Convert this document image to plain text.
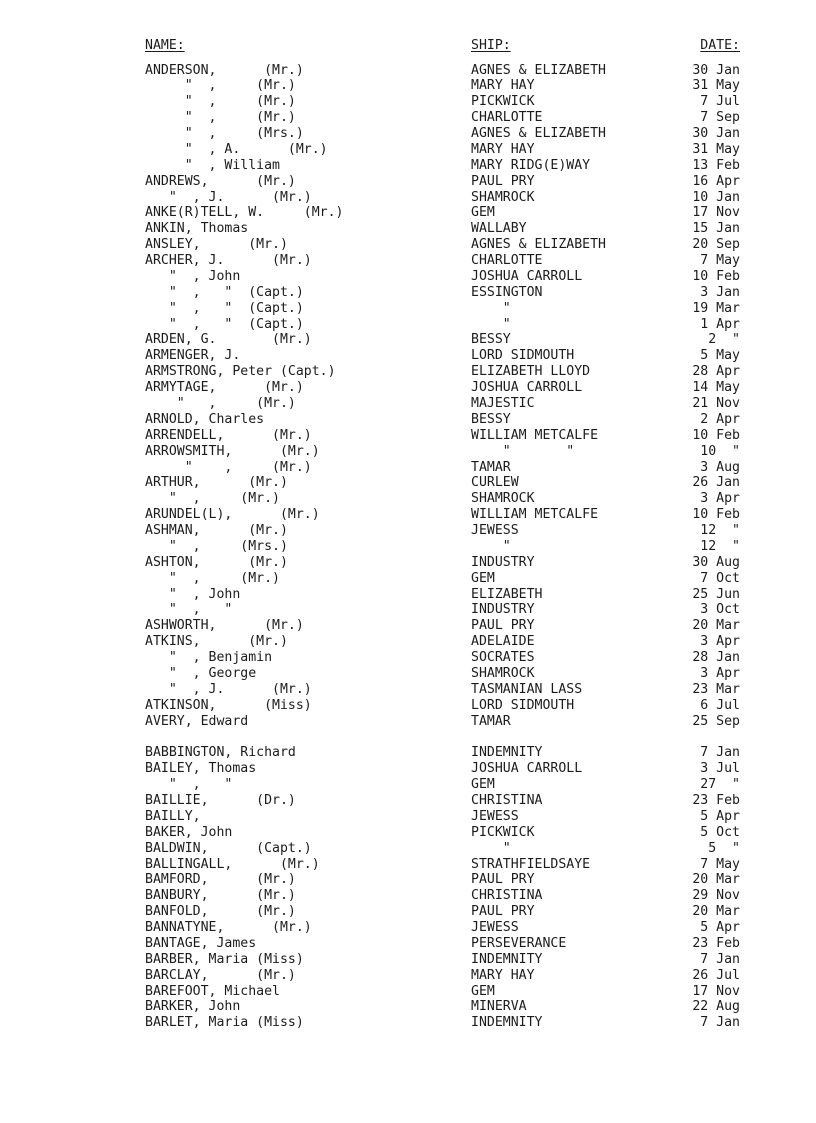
NAME:	SHIP:	DATE:
ANDERSON,      (Mr.)	AGNES & ELIZABETH	30 Jan
"  ,     (Mr.)	MARY HAY	31 May
"  ,     (Mr.)	PICKWICK	7 Jul
"  ,     (Mr.)	CHARLOTTE	7 Sep
"  ,     (Mrs.)	AGNES & ELIZABETH	30 Jan
"  , A.      (Mr.)	MARY HAY	31 May
"  , William	MARY RIDG(E)WAY	13 Feb
ANDREWS,      (Mr.)	PAUL PRY	16 Apr
"  , J.      (Mr.)	SHAMROCK	10 Jan
ANKE(R)TELL, W.     (Mr.)	GEM	17 Nov
ANKIN, Thomas	WALLABY	15 Jan
ANSLEY,      (Mr.)	AGNES & ELIZABETH	20 Sep
ARCHER, J.      (Mr.)	CHARLOTTE	7 May
"  , John	JOSHUA CARROLL	10 Feb
"  ,   "  (Capt.)	ESSINGTON	3 Jan
"  ,   "  (Capt.)	"	19 Mar
"  ,   "  (Capt.)	"	1 Apr
ARDEN, G.       (Mr.)	BESSY	2  "
ARMENGER, J.	LORD SIDMOUTH	5 May
ARMSTRONG, Peter (Capt.)	ELIZABETH LLOYD	28 Apr
ARMYTAGE,      (Mr.)	JOSHUA CARROLL	14 May
"   ,     (Mr.)	MAJESTIC	21 Nov
ARNOLD, Charles	BESSY	2 Apr
ARRENDELL,      (Mr.)	WILLIAM METCALFE	10 Feb
ARROWSMITH,      (Mr.)	"       "	10  "
"    ,     (Mr.)	TAMAR	3 Aug
ARTHUR,      (Mr.)	CURLEW	26 Jan
"  ,     (Mr.)	SHAMROCK	3 Apr
ARUNDEL(L),      (Mr.)	WILLIAM METCALFE	10 Feb
ASHMAN,      (Mr.)	JEWESS	12  "
"  ,     (Mrs.)	"	12  "
ASHTON,      (Mr.)	INDUSTRY	30 Aug
"  ,     (Mr.)	GEM	7 Oct
"  , John	ELIZABETH	25 Jun
"  ,   "	INDUSTRY	3 Oct
ASHWORTH,      (Mr.)	PAUL PRY	20 Mar
ATKINS,      (Mr.)	ADELAIDE	3 Apr
"  , Benjamin	SOCRATES	28 Jan
"  , George	SHAMROCK	3 Apr
"  , J.      (Mr.)	TASMANIAN LASS	23 Mar
ATKINSON,      (Miss)	LORD SIDMOUTH	6 Jul
AVERY, Edward	TAMAR	25 Sep
BABBINGTON, Richard	INDEMNITY	7 Jan
BAILEY, Thomas	JOSHUA CARROLL	3 Jul
"  ,   "	GEM	27  "
BAILLIE,      (Dr.)	CHRISTINA	23 Feb
BAILLY,	JEWESS	5 Apr
BAKER, John	PICKWICK	5 Oct
BALDWIN,      (Capt.)	"	5  "
BALLINGALL,      (Mr.)	STRATHFIELDSAYE	7 May
BAMFORD,      (Mr.)	PAUL PRY	20 Mar
BANBURY,      (Mr.)	CHRISTINA	29 Nov
BANFOLD,      (Mr.)	PAUL PRY	20 Mar
BANNATYNE,      (Mr.)	JEWESS	5 Apr
BANTAGE, James	PERSEVERANCE	23 Feb
BARBER, Maria (Miss)	INDEMNITY	7 Jan
BARCLAY,      (Mr.)	MARY HAY	26 Jul
BAREFOOT, Michael	GEM	17 Nov
BARKER, John	MINERVA	22 Aug
BARLET, Maria (Miss)	INDEMNITY	7 Jan
